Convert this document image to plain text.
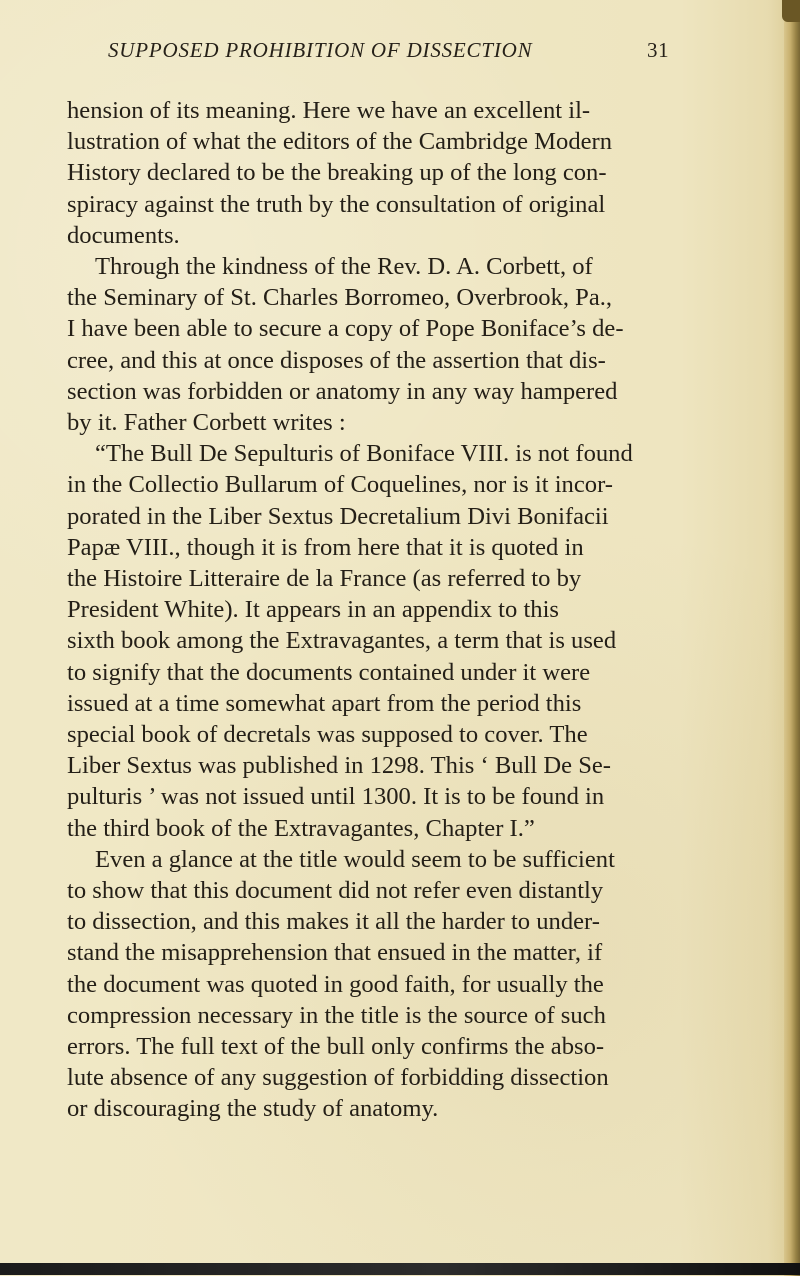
SUPPOSED PROHIBITION OF DISSECTION	31
hension of its meaning. Here we have an excellent il-
lustration of what the editors of the Cambridge Modern
History declared to be the breaking up of the long con-
spiracy against the truth by the consultation of original
documents.
Through the kindness of the Rev. D. A. Corbett, of
the Seminary of St. Charles Borromeo, Overbrook, Pa.,
I have been able to secure a copy of Pope Boniface’s de-
cree, and this at once disposes of the assertion that dis-
section was forbidden or anatomy in any way hampered
by it. Father Corbett writes :
“The Bull De Sepulturis of Boniface VIII. is not found
in the Collectio Bullarum of Coquelines, nor is it incor-
porated in the Liber Sextus Decretalium Divi Bonifacii
Papæ VIII., though it is from here that it is quoted in
the Histoire Litteraire de la France (as referred to by
President White). It appears in an appendix to this
sixth book among the Extravagantes, a term that is used
to signify that the documents contained under it were
issued at a time somewhat apart from the period this
special book of decretals was supposed to cover. The
Liber Sextus was published in 1298. This ‘ Bull De Se-
pulturis ’ was not issued until 1300. It is to be found in
the third book of the Extravagantes, Chapter I.”
Even a glance at the title would seem to be sufficient
to show that this document did not refer even distantly
to dissection, and this makes it all the harder to under-
stand the misapprehension that ensued in the matter, if
the document was quoted in good faith, for usually the
compression necessary in the title is the source of such
errors. The full text of the bull only confirms the abso-
lute absence of any suggestion of forbidding dissection
or discouraging the study of anatomy.
